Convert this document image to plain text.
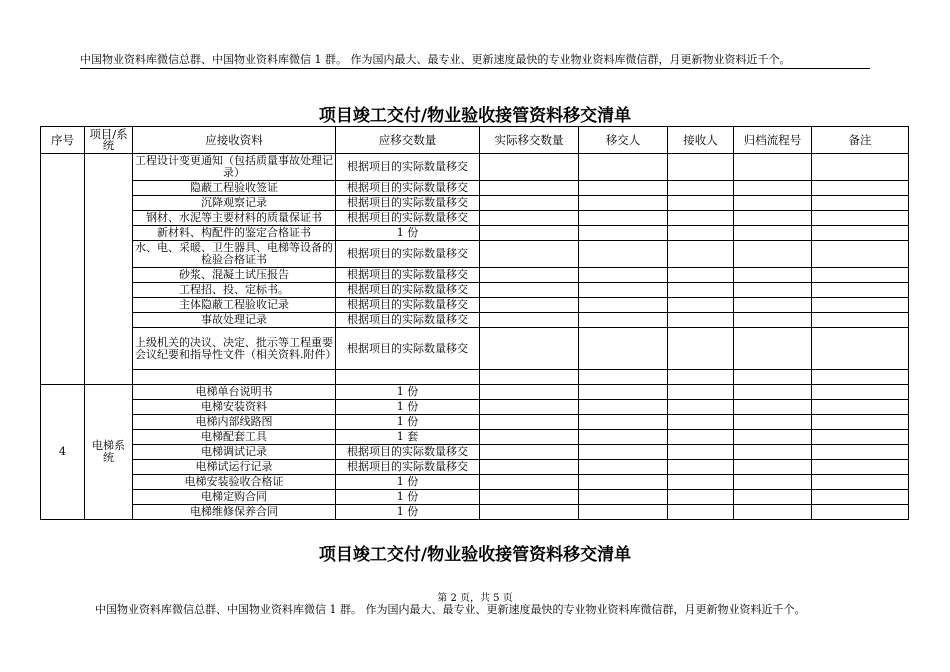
中国物业资料库微信总群、中国物业资料库微信 1 群。 作为国内最大、最专业、更新速度最快的专业物业资料库微信群，月更新物业资料近千个。
项目竣工交付/物业验收接管资料移交清单
序号	项目/系统	应接收资料	应移交数量	实际移交数量	移交人	接收人	归档流程号	备注
		工程设计变更通知（包括质量事故处理记录）	根据项目的实际数量移交					
		隐蔽工程验收签证	根据项目的实际数量移交					
		沉降观察记录	根据项目的实际数量移交					
		钢材、水泥等主要材料的质量保证书	根据项目的实际数量移交					
		新材料、构配件的鉴定合格证书	1 份					
		水、电、采暖、卫生器具、电梯等设备的检验合格证书	根据项目的实际数量移交					
		砂浆、混凝土试压报告	根据项目的实际数量移交					
		工程招、投、定标书。	根据项目的实际数量移交					
		主体隐蔽工程验收记录	根据项目的实际数量移交					
		事故处理记录	根据项目的实际数量移交					
		上级机关的决议、决定、批示等工程重要会议纪要和指导性文件（相关资料.附件）	根据项目的实际数量移交					

4	电梯系统	电梯单台说明书	1 份					
		电梯安装资料	1 份					
		电梯内部线路图	1 份					
		电梯配套工具	1 套					
		电梯调试记录	根据项目的实际数量移交					
		电梯试运行记录	根据项目的实际数量移交					
		电梯安装验收合格证	1 份					
		电梯定购合同	1 份					
		电梯维修保养合同	1 份					
项目竣工交付/物业验收接管资料移交清单
第 2 页，共 5 页
中国物业资料库微信总群、中国物业资料库微信 1 群。 作为国内最大、最专业、更新速度最快的专业物业资料库微信群，月更新物业资料近千个。
